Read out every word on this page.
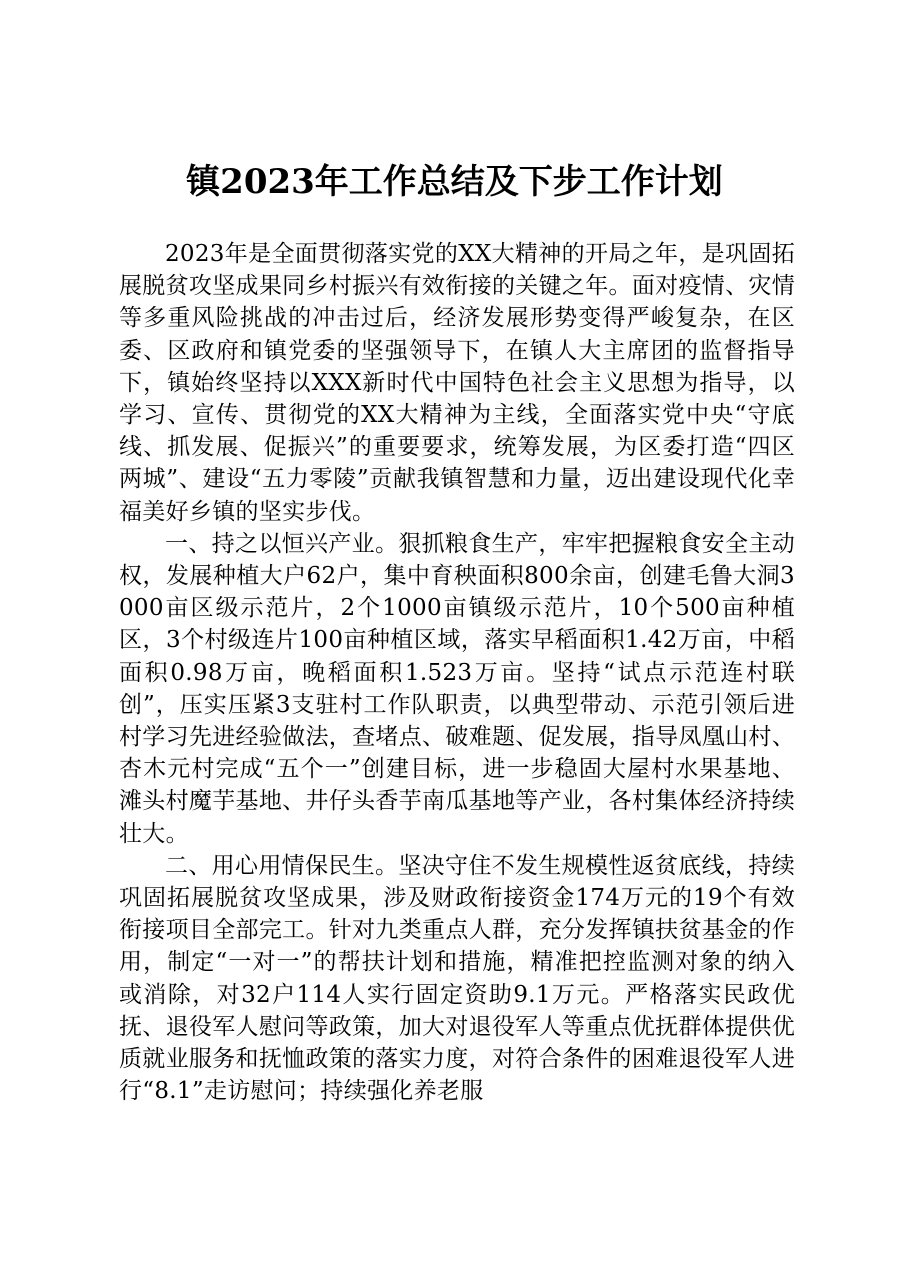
镇2023年工作总结及下步工作计划

2023年是全面贯彻落实党的XX大精神的开局之年，是巩固拓展脱贫攻坚成果同乡村振兴有效衔接的关键之年。面对疫情、灾情等多重风险挑战的冲击过后，经济发展形势变得严峻复杂，在区委、区政府和镇党委的坚强领导下，在镇人大主席团的监督指导下，镇始终坚持以XXX新时代中国特色社会主义思想为指导，以学习、宣传、贯彻党的XX大精神为主线，全面落实党中央“守底线、抓发展、促振兴”的重要要求，统筹发展，为区委打造“四区两城”、建设“五力零陵”贡献我镇智慧和力量，迈出建设现代化幸福美好乡镇的坚实步伐。

一、持之以恒兴产业。狠抓粮食生产，牢牢把握粮食安全主动权，发展种植大户62户，集中育秧面积800余亩，创建毛鲁大洞3000亩区级示范片，2个1000亩镇级示范片，10个500亩种植区，3个村级连片100亩种植区域，落实早稻面积1.42万亩，中稻面积0.98万亩，晚稻面积1.523万亩。坚持“试点示范连村联创”，压实压紧3支驻村工作队职责，以典型带动、示范引领后进村学习先进经验做法，查堵点、破难题、促发展，指导凤凰山村、杏木元村完成“五个一”创建目标，进一步稳固大屋村水果基地、滩头村魔芋基地、井仔头香芋南瓜基地等产业，各村集体经济持续壮大。

二、用心用情保民生。坚决守住不发生规模性返贫底线，持续巩固拓展脱贫攻坚成果，涉及财政衔接资金174万元的19个有效衔接项目全部完工。针对九类重点人群，充分发挥镇扶贫基金的作用，制定“一对一”的帮扶计划和措施，精准把控监测对象的纳入或消除，对32户114人实行固定资助9.1万元。严格落实民政优抚、退役军人慰问等政策，加大对退役军人等重点优抚群体提供优质就业服务和抚恤政策的落实力度，对符合条件的困难退役军人进行“8.1”走访慰问；持续强化养老服
